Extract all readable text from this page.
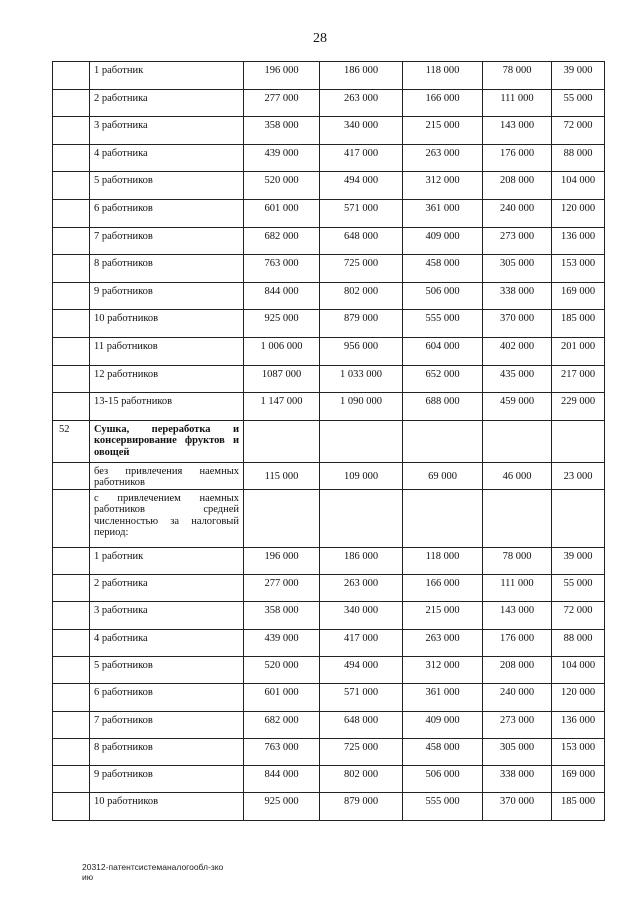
28
	1 работник	196 000	186 000	118 000	78 000	39 000
	2 работника	277 000	263 000	166 000	111 000	55 000
	3 работника	358 000	340 000	215 000	143 000	72 000
	4 работника	439 000	417 000	263 000	176 000	88 000
	5 работников	520 000	494 000	312 000	208 000	104 000
	6 работников	601 000	571 000	361 000	240 000	120 000
	7 работников	682 000	648 000	409 000	273 000	136 000
	8 работников	763 000	725 000	458 000	305 000	153 000
	9 работников	844 000	802 000	506 000	338 000	169 000
	10 работников	925 000	879 000	555 000	370 000	185 000
	11 работников	1 006 000	956 000	604 000	402 000	201 000
	12 работников	1087 000	1 033 000	652 000	435 000	217 000
	13-15 работников	1 147 000	1 090 000	688 000	459 000	229 000
52	Сушка, переработка и консервирование фруктов и овощей					
	без привлечения наемных работников	115 000	109 000	69 000	46 000	23 000
	с привлечением наемных работников средней численностью за налоговый период:					
	1 работник	196 000	186 000	118 000	78 000	39 000
	2 работника	277 000	263 000	166 000	111 000	55 000
	3 работника	358 000	340 000	215 000	143 000	72 000
	4 работника	439 000	417 000	263 000	176 000	88 000
	5 работников	520 000	494 000	312 000	208 000	104 000
	6 работников	601 000	571 000	361 000	240 000	120 000
	7 работников	682 000	648 000	409 000	273 000	136 000
	8 работников	763 000	725 000	458 000	305 000	153 000
	9 работников	844 000	802 000	506 000	338 000	169 000
	10 работников	925 000	879 000	555 000	370 000	185 000
20312-патентсистеманалогообл-зко
ию
